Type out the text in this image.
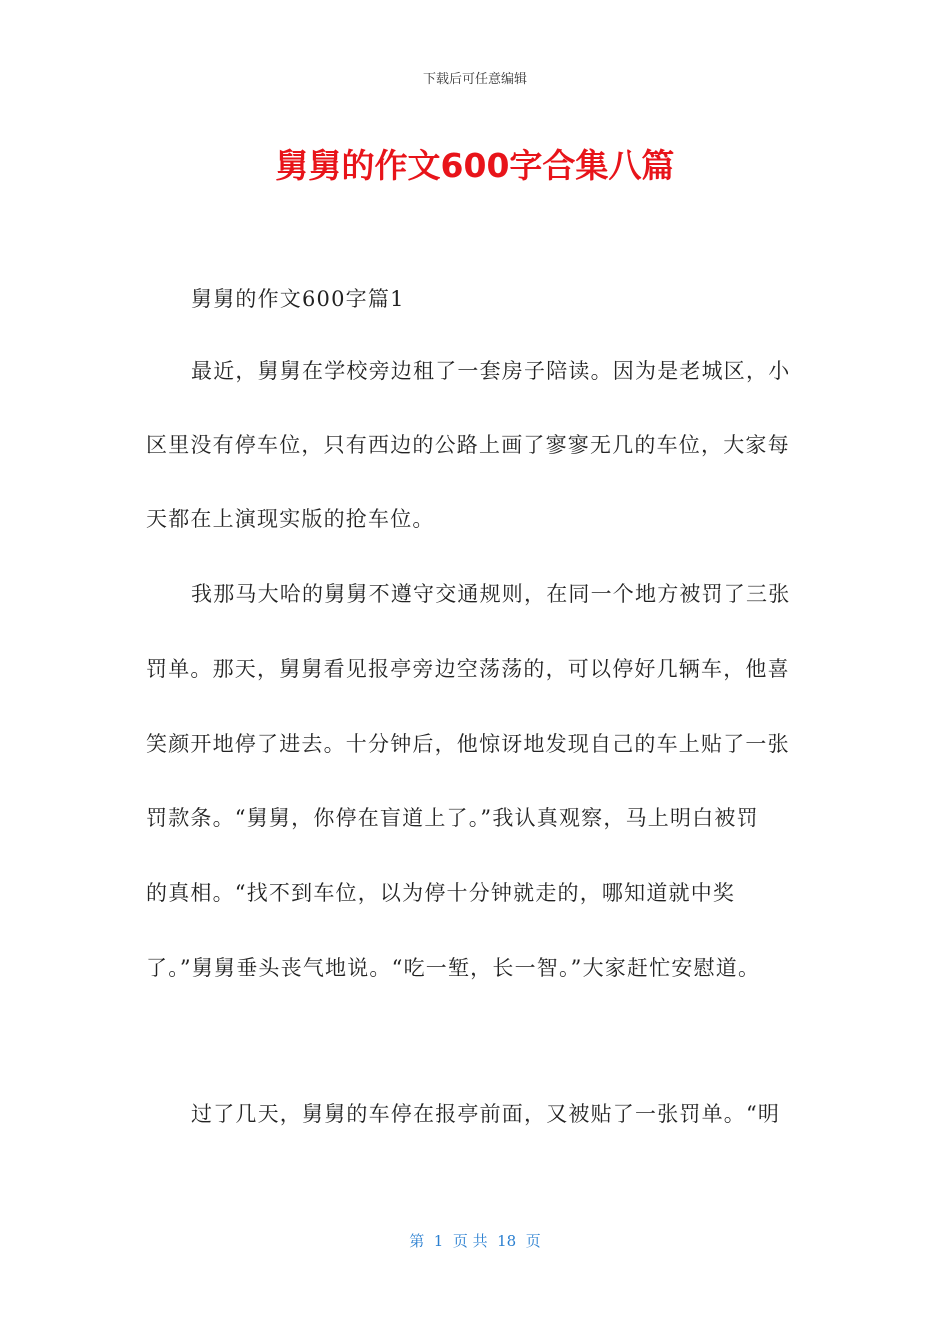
下载后可任意编辑
舅舅的作文600字合集八篇
舅舅的作文600字篇1
最近，舅舅在学校旁边租了一套房子陪读。因为是老城区，小
区里没有停车位，只有西边的公路上画了寥寥无几的车位，大家每
天都在上演现实版的抢车位。
我那马大哈的舅舅不遵守交通规则，在同一个地方被罚了三张
罚单。那天，舅舅看见报亭旁边空荡荡的，可以停好几辆车，他喜
笑颜开地停了进去。十分钟后，他惊讶地发现自己的车上贴了一张
罚款条。“舅舅，你停在盲道上了。”我认真观察，马上明白被罚
的真相。“找不到车位，以为停十分钟就走的，哪知道就中奖
了。”舅舅垂头丧气地说。“吃一堑，长一智。”大家赶忙安慰道。
过了几天，舅舅的车停在报亭前面，又被贴了一张罚单。“明
第  1  页 共  18  页
